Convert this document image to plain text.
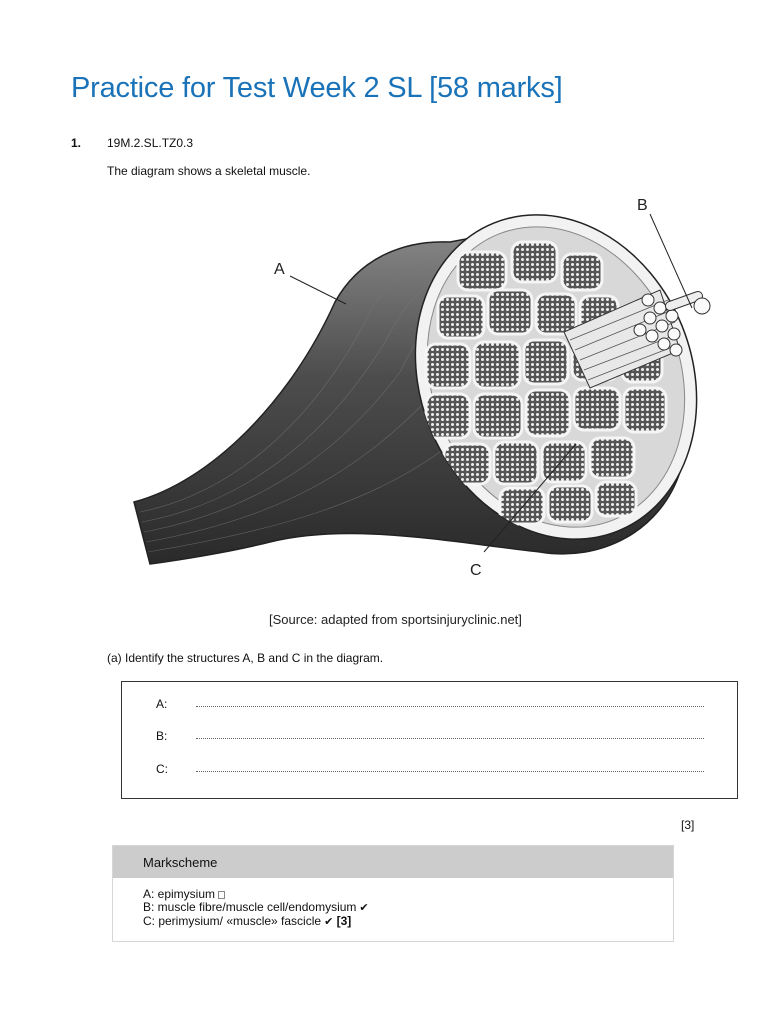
Practice for Test Week 2 SL [58 marks]
1. 19M.2.SL.TZ0.3
The diagram shows a skeletal muscle.
A
B
C
[Source: adapted from sportsinjuryclinic.net]
(a) Identify the structures A, B and C in the diagram.
A:
B:
C:
[3]
Markscheme
A: epimysium
B: muscle fibre/muscle cell/endomysium ✔
C: perimysium/ «muscle» fascicle ✔ [3]
